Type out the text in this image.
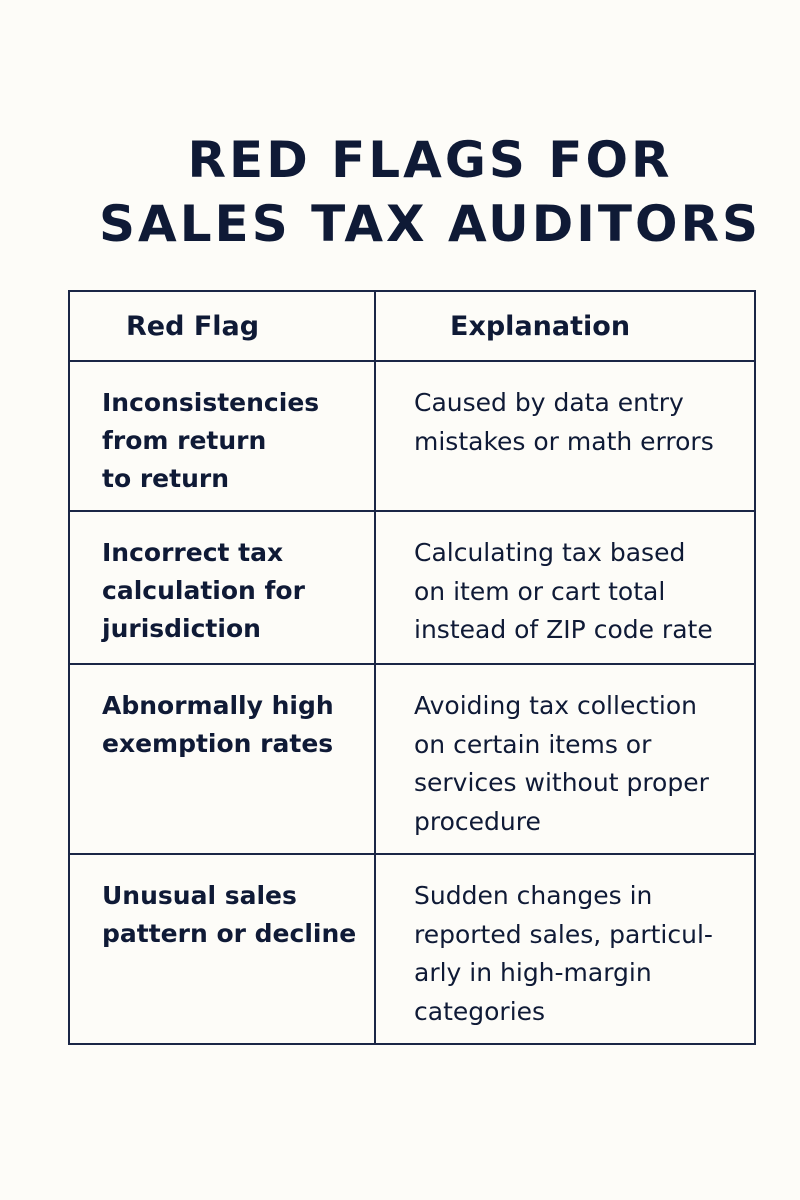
RED FLAGS FOR
SALES TAX AUDITORS
Red Flag	Explanation

Inconsistencies
from return
to return	Caused by data entry
mistakes or math errors

Incorrect tax
calculation for
jurisdiction	Calculating tax based
on item or cart total
instead of ZIP code rate

Abnormally high
exemption rates	Avoiding tax collection
on certain items or
services without proper
procedure

Unusual sales
pattern or decline	Sudden changes in
reported sales, particul-
arly in high-margin
categories
